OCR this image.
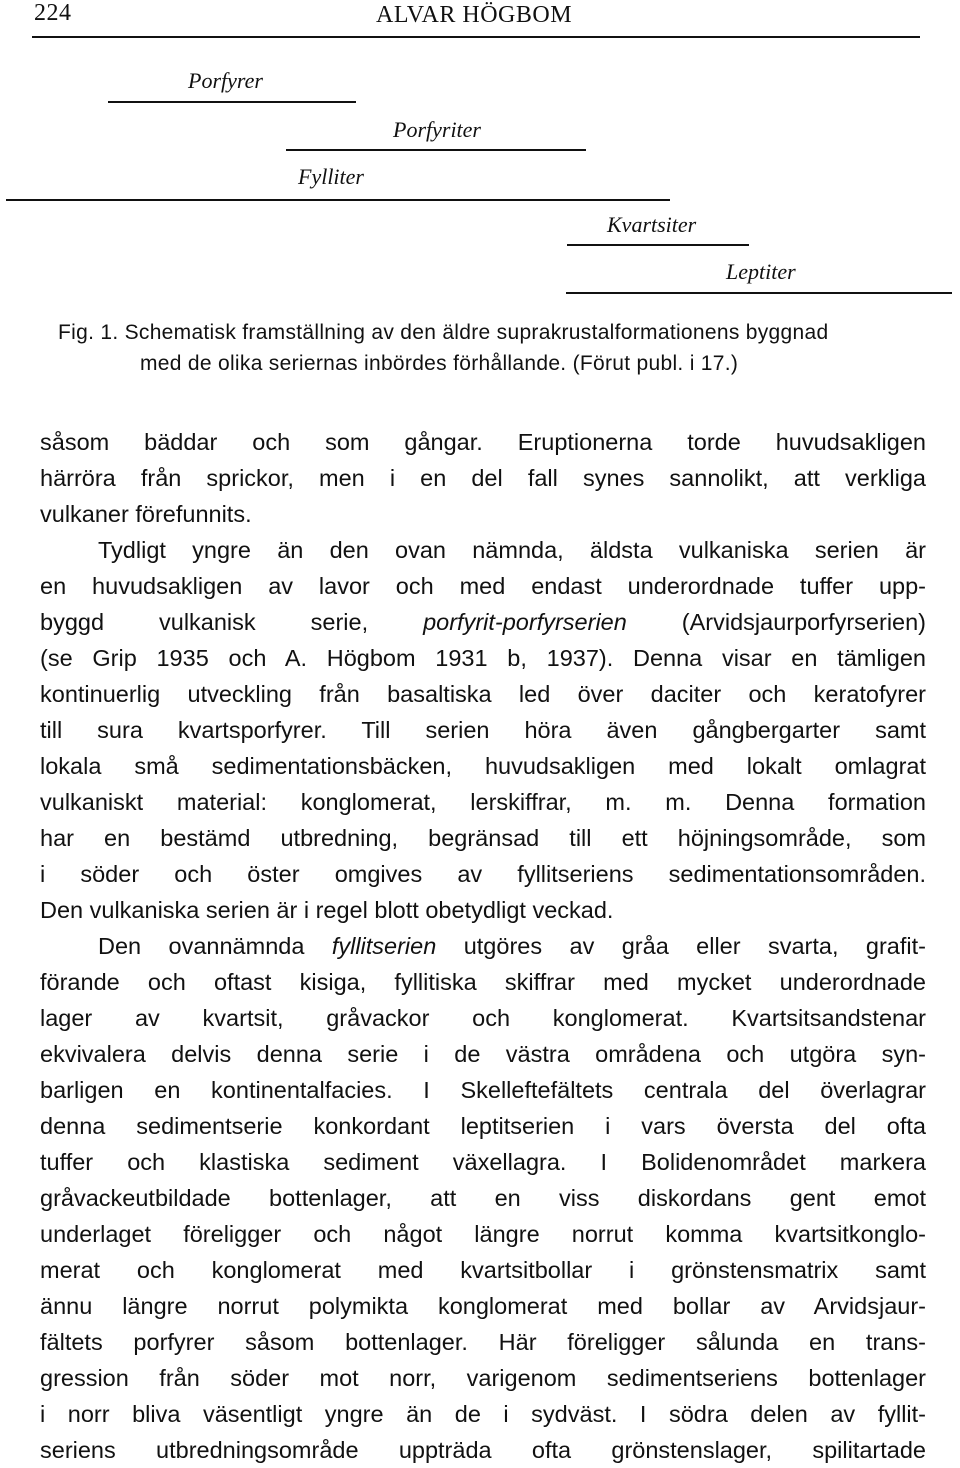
224	ALVAR HÖGBOM
Porfyrer
Porfyriter
Fylliter
Kvartsiter
Leptiter
Fig. 1. Schematisk framställning av den äldre suprakrustalformationens byggnad
med de olika seriernas inbördes förhållande. (Förut publ. i 17.)
såsom bäddar och som gångar. Eruptionerna torde huvudsakligen
härröra från sprickor, men i en del fall synes sannolikt, att verkliga
vulkaner förefunnits.
Tydligt yngre än den ovan nämnda, äldsta vulkaniska serien är
en huvudsakligen av lavor och med endast underordnade tuffer upp-
byggd vulkanisk serie, porfyrit-porfyrserien (Arvidsjaurporfyrserien)
(se Grip 1935 och A. Högbom 1931 b, 1937). Denna visar en tämligen
kontinuerlig utveckling från basaltiska led över daciter och keratofyrer
till sura kvartsporfyrer. Till serien höra även gångbergarter samt
lokala små sedimentationsbäcken, huvudsakligen med lokalt omlagrat
vulkaniskt material: konglomerat, lerskiffrar, m. m. Denna formation
har en bestämd utbredning, begränsad till ett höjningsområde, som
i söder och öster omgives av fyllitseriens sedimentationsområden.
Den vulkaniska serien är i regel blott obetydligt veckad.
Den ovannämnda fyllitserien utgöres av gråa eller svarta, grafit-
förande och oftast kisiga, fyllitiska skiffrar med mycket underordnade
lager av kvartsit, gråvackor och konglomerat. Kvartsitsandstenar
ekvivalera delvis denna serie i de västra områdena och utgöra syn-
barligen en kontinentalfacies. I Skelleftefältets centrala del överlagrar
denna sedimentserie konkordant leptitserien i vars översta del ofta
tuffer och klastiska sediment växellagra. I Bolidenområdet markera
gråvackeutbildade bottenlager, att en viss diskordans gent emot
underlaget föreligger och något längre norrut komma kvartsitkonglo-
merat och konglomerat med kvartsitbollar i grönstensmatrix samt
ännu längre norrut polymikta konglomerat med bollar av Arvidsjaur-
fältets porfyrer såsom bottenlager. Här föreligger sålunda en trans-
gression från söder mot norr, varigenom sedimentseriens bottenlager
i norr bliva väsentligt yngre än de i sydväst. I södra delen av fyllit-
seriens utbredningsområde uppträda ofta grönstenslager, spilitartade
